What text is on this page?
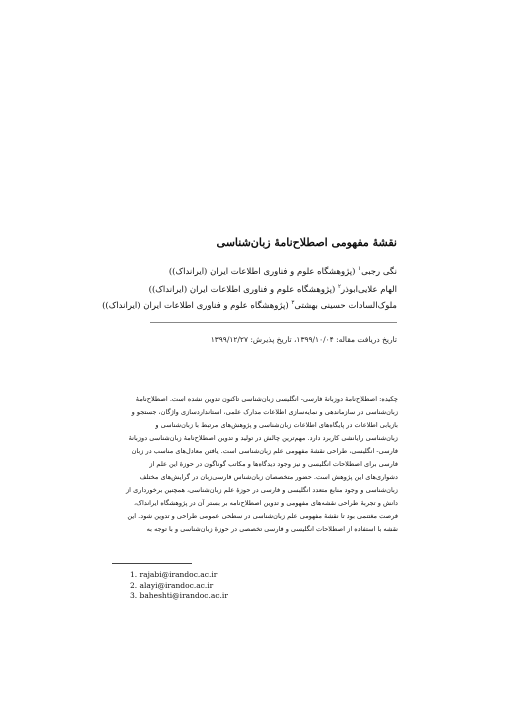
نقشهٔ مفهومی اصطلاح‌نامهٔ زبان‌شناسی
نگی رجبی$^۱$ (پژوهشگاه علوم و فناوری اطلاعات ایران (ایرانداک))
الهام علایی‌ابوذر$^۲$ (پژوهشگاه علوم و فناوری اطلاعات ایران (ایرانداک))
ملوک‌السادات حسینی بهشتی$^۳$ (پژوهشگاه علوم و فناوری اطلاعات ایران (ایرانداک))
تاریخ دریافت مقاله: ۱۳۹۹/۱۰/۰۴، تاریخ پذیرش: ۱۳۹۹/۱۲/۲۷
چکیده: اصطلاح‌نامهٔ دوزبانهٔ فارسی- انگلیسی زبان‌شناسی تاکنون تدوین نشده است. اصطلاح‌نامهٔ
زبان‌شناسی در سازماندهی و نمایه‌سازی اطلاعات مدارک علمی، استانداردسازی واژگان، جستجو و
بازیابی اطلاعات در پایگاه‌های اطلاعات زبان‌شناسی و پژوهش‌های مرتبط با زبان‌شناسی و
زبان‌شناسی رایانشی کاربرد دارد. مهم‌ترین چالش در تولید و تدوین اصطلاح‌نامهٔ زبان‌شناسی دوزبانهٔ
فارسی- انگلیسی، طراحی نقشهٔ مفهومی علم زبان‌شناسی است. یافتن معادل‌های مناسب در زبان
فارسی برای اصطلاحات انگلیسی و نیز وجود دیدگاه‌ها و مکاتب گوناگون در حوزهٔ این علم از
دشواری‌های این پژوهش است. حضور متخصصان زبان‌شناس فارسی‌زبان در گرایش‌های مختلف
زبان‌شناسی و وجود منابع متعدد انگلیسی و فارسی در حوزهٔ علم زبان‌شناسی، همچنین برخورداری از
دانش و تجربهٔ طراحی نقشه‌های مفهومی و تدوین اصطلاح‌نامه بر بستر آن در پژوهشگاه ایرانداک،
فرصت مغتنمی بود تا نقشهٔ مفهومی علم زبان‌شناسی در سطحی عمومی طراحی و تدوین شود. این
نقشه با استفاده از اصطلاحات انگلیسی و فارسی تخصصی در حوزهٔ زبان‌شناسی و با توجه به
1. rajabi@irandoc.ac.ir
2. alayi@irandoc.ac.ir
3. baheshti@irandoc.ac.ir
